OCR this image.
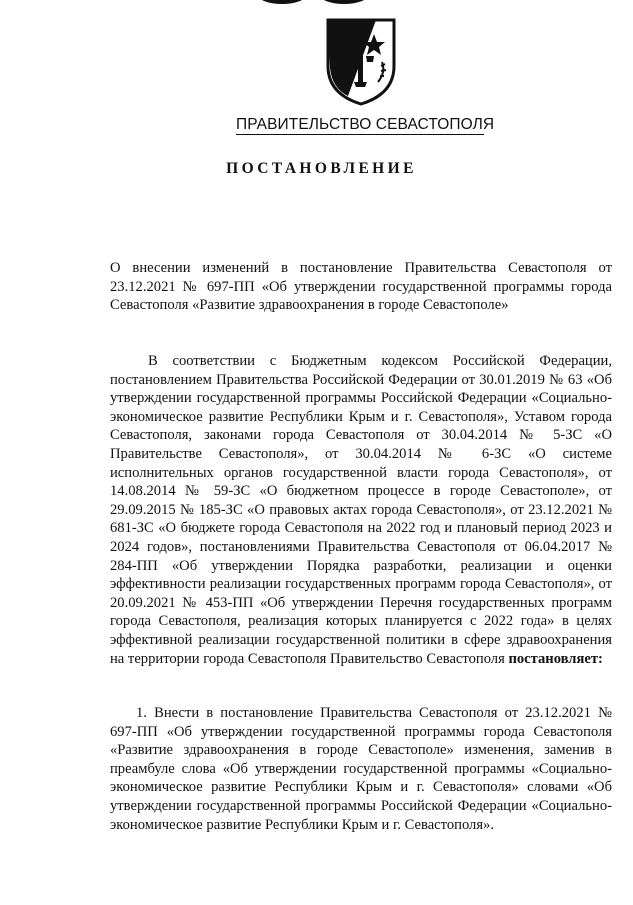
ПРАВИТЕЛЬСТВО СЕВАСТОПОЛЯ
ПОСТАНОВЛЕНИЕ
О внесении изменений в постановление Правительства Севастополя от 23.12.2021 № 697-ПП «Об утверждении государственной программы города Севастополя «Развитие здравоохранения в городе Севастополе»
В соответствии с Бюджетным кодексом Российской Федерации, постановлением Правительства Российской Федерации от 30.01.2019 № 63 «Об утверждении государственной программы Российской Федерации «Социально-экономическое развитие Республики Крым и г. Севастополя», Уставом города Севастополя, законами города Севастополя от 30.04.2014 № 5-ЗС «О Правительстве Севастополя», от 30.04.2014 № 6-ЗС «О системе исполнительных органов государственной власти города Севастополя», от 14.08.2014 № 59-ЗС «О бюджетном процессе в городе Севастополе», от 29.09.2015 № 185-ЗС «О правовых актах города Севастополя», от 23.12.2021 № 681-ЗС «О бюджете города Севастополя на 2022 год и плановый период 2023 и 2024 годов», постановлениями Правительства Севастополя от 06.04.2017 № 284-ПП «Об утверждении Порядка разработки, реализации и оценки эффективности реализации государственных программ города Севастополя», от 20.09.2021 № 453-ПП «Об утверждении Перечня государственных программ города Севастополя, реализация которых планируется с 2022 года» в целях эффективной реализации государственной политики в сфере здравоохранения на территории города Севастополя Правительство Севастополя постановляет:
1. Внести в постановление Правительства Севастополя от 23.12.2021 № 697-ПП «Об утверждении государственной программы города Севастополя «Развитие здравоохранения в городе Севастополе» изменения, заменив в преамбуле слова «Об утверждении государственной программы «Социально-экономическое развитие Республики Крым и г. Севастополя» словами «Об утверждении государственной программы Российской Федерации «Социально-экономическое развитие Республики Крым и г. Севастополя».
